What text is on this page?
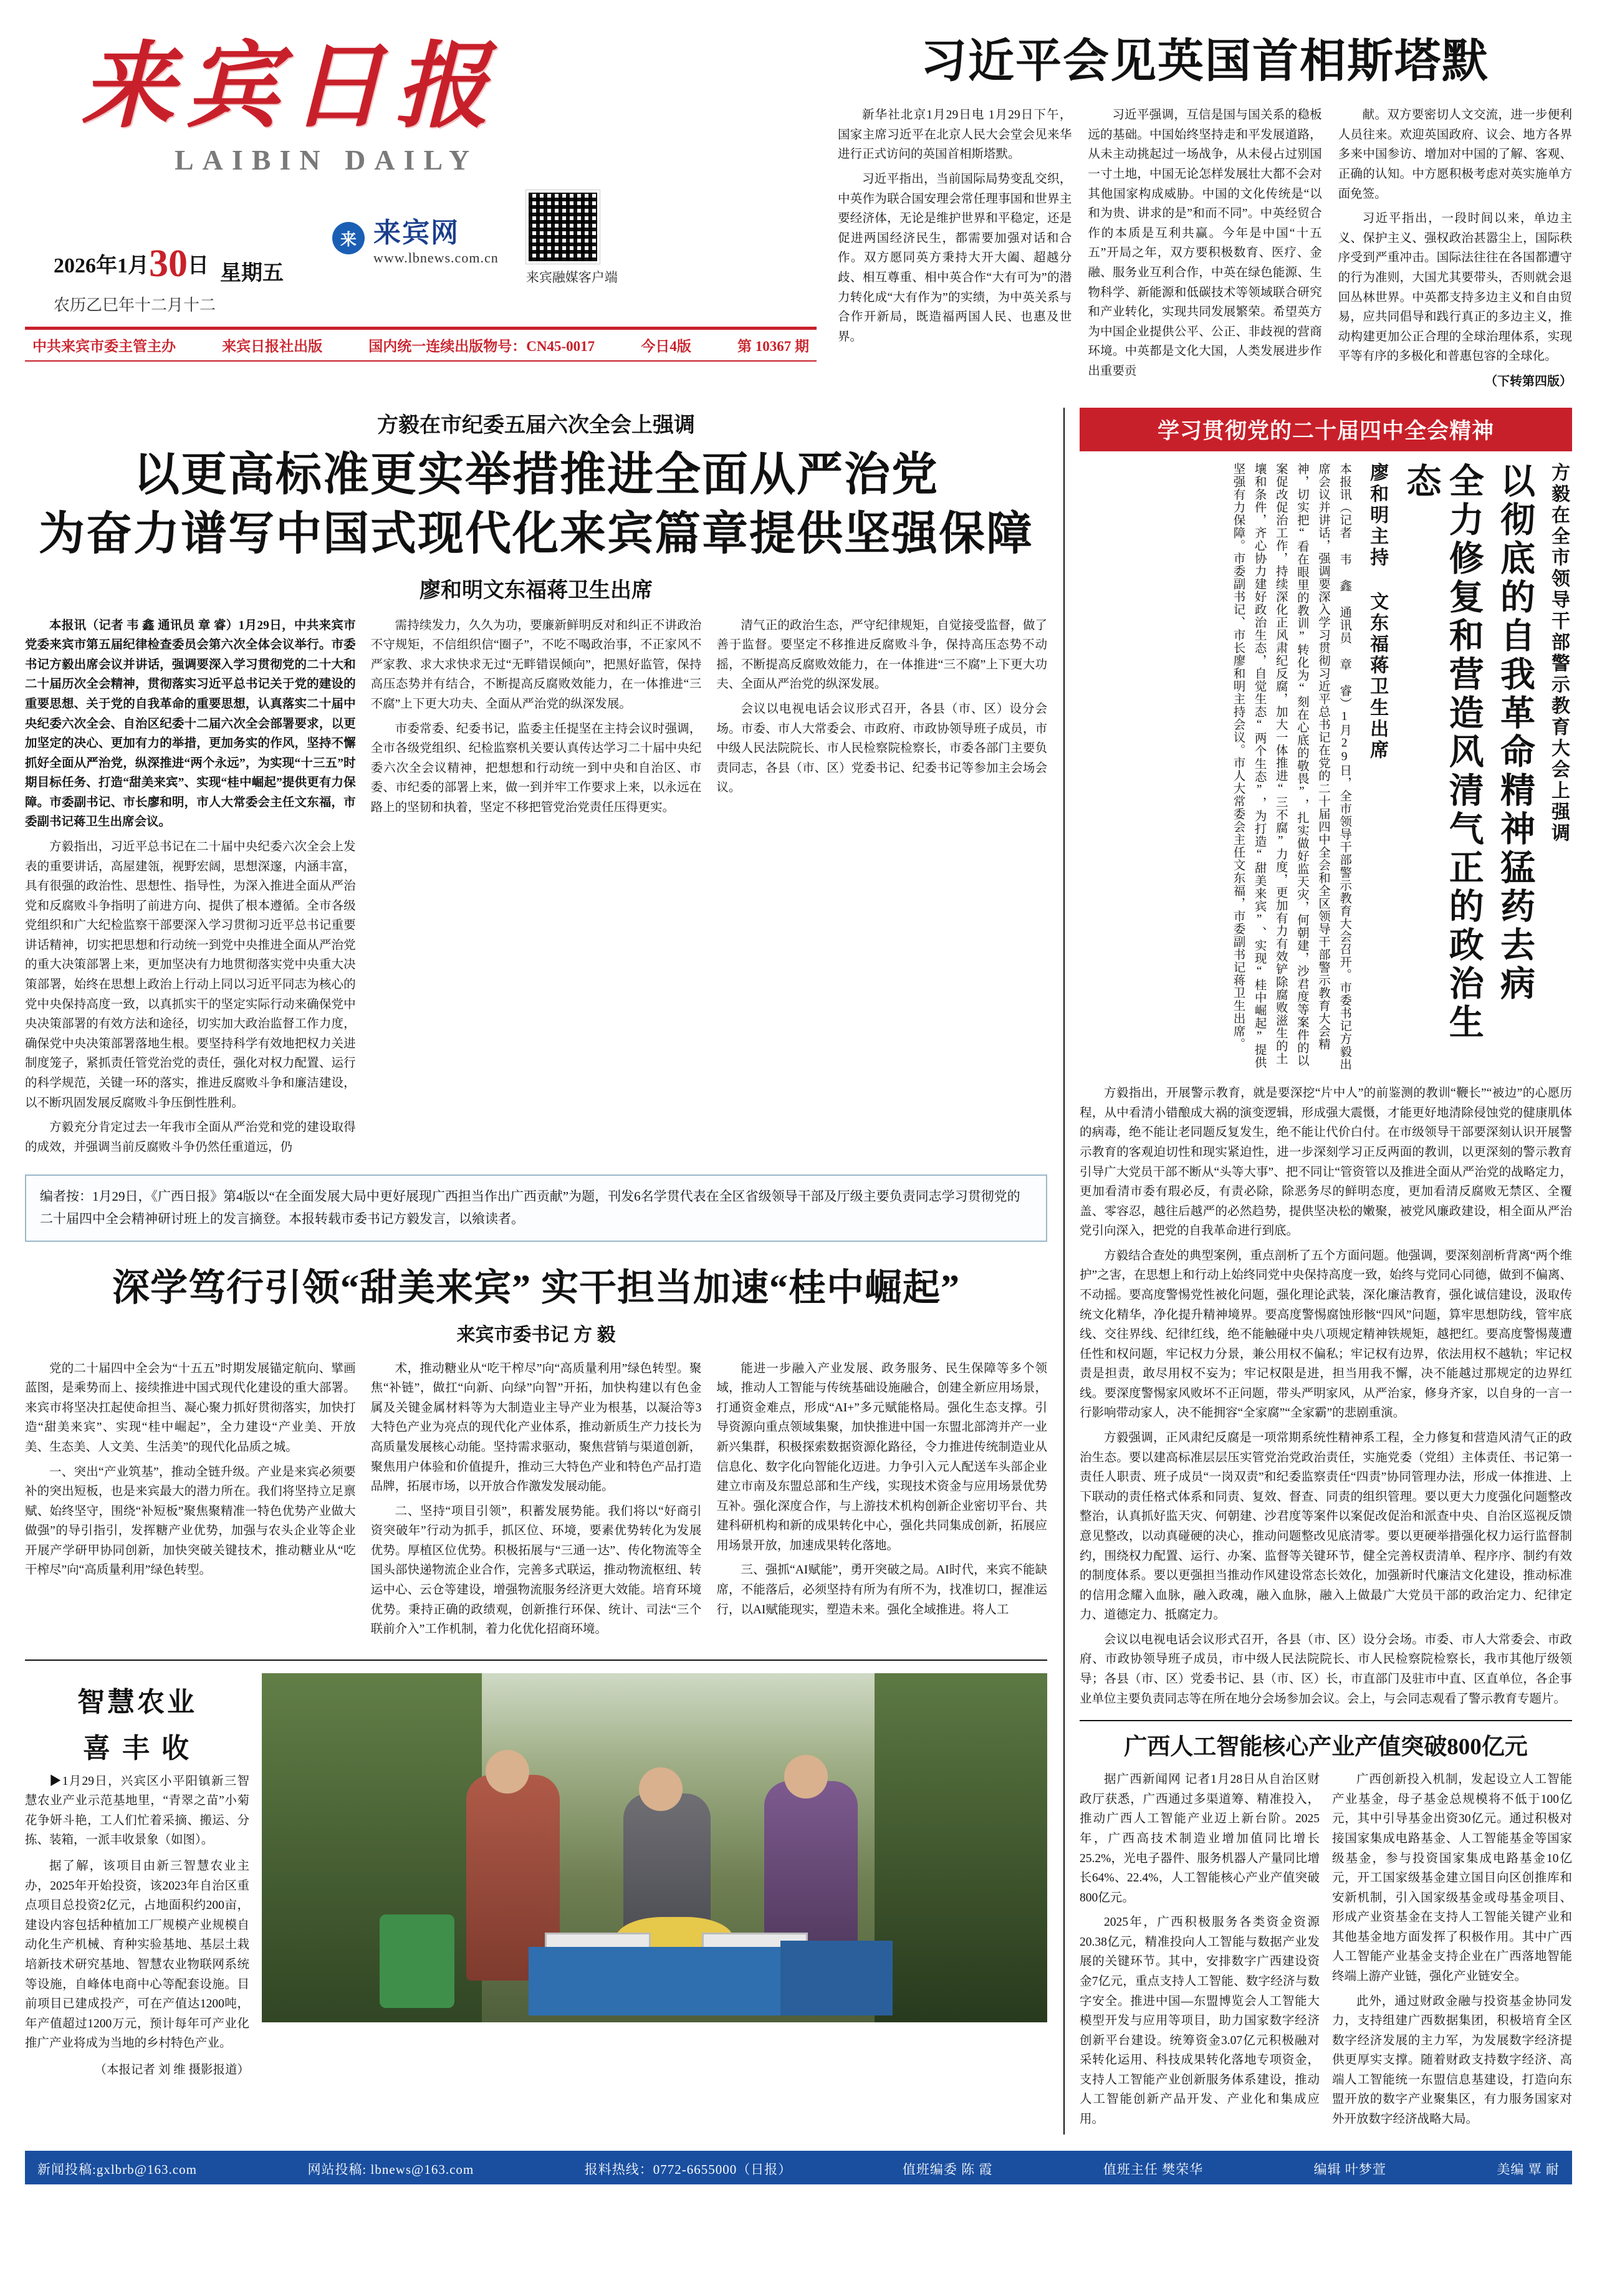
来宾日报
LAIBIN DAILY
2026年1月30日 星期五
来 来宾网
www.lbnews.com.cn
来宾融媒客户端
农历乙巳年十二月十二
中共来宾市委主管主办	来宾日报社出版	国内统一连续出版物号：CN45-0017	今日4版	第 10367 期
习近平会见英国首相斯塔默

新华社北京1月29日电 1月29日下午，国家主席习近平在北京人民大会堂会见来华进行正式访问的英国首相斯塔默。

习近平指出，当前国际局势变乱交织，中英作为联合国安理会常任理事国和世界主要经济体，无论是维护世界和平稳定，还是促进两国经济民生，都需要加强对话和合作。双方愿同英方秉持大开大阖、超越分歧、相互尊重、相中英合作“大有可为”的潜力转化成“大有作为”的实绩，为中英关系与合作开新局，既造福两国人民、也惠及世界。

习近平强调，互信是国与国关系的稳板远的基础。中国始终坚持走和平发展道路，从未主动挑起过一场战争，从未侵占过别国一寸土地，中国无论怎样发展壮大都不会对其他国家构成威胁。中国的文化传统是“以和为贵、讲求的是”和而不同”。中英经贸合作的本质是互利共赢。今年是中国“十五五”开局之年，双方要积极数育、医疗、金融、服务业互利合作，中英在绿色能源、生物科学、新能源和低碳技术等领域联合研究和产业转化，实现共同发展繁荣。希望英方为中国企业提供公平、公正、非歧视的营商环境。中英都是文化大国，人类发展进步作出重要贡

献。双方要密切人文交流，进一步便利人员往来。欢迎英国政府、议会、地方各界多来中国参访、增加对中国的了解、客观、正确的认知。中方愿积极考虑对英实施单方面免签。

习近平指出，一段时间以来，单边主义、保护主义、强权政治甚嚣尘上，国际秩序受到严重冲击。国际法往往在各国都遭守的行为准则，大国尤其要带头，否则就会退回丛林世界。中英都支持多边主义和自由贸易，应共同倡导和践行真正的多边主义，推动构建更加公正合理的全球治理体系，实现平等有序的多极化和普惠包容的全球化。

（下转第四版）
方毅在市纪委五届六次全会上强调
以更高标准更实举措推进全面从严治党
为奋力谱写中国式现代化来宾篇章提供坚强保障
廖和明文东福蒋卫生出席

本报讯（记者 韦 鑫 通讯员 章 睿）1月29日，中共来宾市党委来宾市第五届纪律检查委员会第六次全体会议举行。市委书记方毅出席会议并讲话，强调要深入学习贯彻党的二十大和二十届历次全会精神，贯彻落实习近平总书记关于党的建设的重要思想、关于党的自我革命的重要思想，认真落实二十届中央纪委六次全会、自治区纪委十二届六次全会部署要求，以更加坚定的决心、更加有力的举措，更加务实的作风，坚持不懈抓好全面从严治党，纵深推进“两个永远”，为实现“十三五”时期目标任务、打造“甜美来宾”、实现“桂中崛起”提供更有力保障。市委副书记、市长廖和明，市人大常委会主任文东福，市委副书记蒋卫生出席会议。

方毅指出，习近平总书记在二十届中央纪委六次全会上发表的重要讲话，高屋建瓴，视野宏阔，思想深邃，内涵丰富，具有很强的政治性、思想性、指导性，为深入推进全面从严治党和反腐败斗争指明了前进方向、提供了根本遵循。全市各级党组织和广大纪检监察干部要深入学习贯彻习近平总书记重要讲话精神，切实把思想和行动统一到党中央推进全面从严治党的重大决策部署上来，更加坚决有力地贯彻落实党中央重大决策部署，始终在思想上政治上行动上同以习近平同志为核心的党中央保持高度一致，以真抓实干的坚定实际行动来确保党中央决策部署的有效方法和途径，切实加大政治监督工作力度，确保党中央决策部署落地生根。要坚持科学有效地把权力关进制度笼子，紧抓责任管党治党的责任，强化对权力配置、运行的科学规范，关键一环的落实，推进反腐败斗争和廉洁建设，以不断巩固发展反腐败斗争压倒性胜利。

方毅充分肯定过去一年我市全面从严治党和党的建设取得的成效，并强调当前反腐败斗争仍然任重道远，仍

需持续发力，久久为功，要廉新鲜明反对和纠正不讲政治不守规矩，不信组织信“圈子”，不吃不喝政治事，不正家风不严家教、求大求快求无过“无畔错误倾向”，把黑好监管，保持高压态势并有结合，不断提高反腐败效能力，在一体推进“三不腐”上下更大功夫、全面从严治党的纵深发展。

市委常委、纪委书记，监委主任提坚在主持会议时强调，全市各级党组织、纪检监察机关要认真传达学习二十届中央纪委六次全会议精神，把想想和行动统一到中央和自治区、市委、市纪委的部署上来，做一到并牢工作要求上来，以永远在路上的坚韧和执着，坚定不移把管党治党责任压得更实。

清气正的政治生态，严守纪律规矩，自觉接受监督，做了善于监督。要坚定不移推进反腐败斗争，保持高压态势不动摇，不断提高反腐败效能力，在一体推进“三不腐”上下更大功夫、全面从严治党的纵深发展。

会议以电视电话会议形式召开，各县（市、区）设分会场。市委、市人大常委会、市政府、市政协领导班子成员，市中级人民法院院长、市人民检察院检察长，市委各部门主要负责同志，各县（市、区）党委书记、纪委书记等参加主会场会议。

编者按：1月29日，《广西日报》第4版以“在全面发展大局中更好展现广西担当作出广西贡献”为题，刊发6名学贯代表在全区省级领导干部及厅级主要负责同志学习贯彻党的二十届四中全会精神研讨班上的发言摘登。本报转载市委书记方毅发言，以飨读者。
深学笃行引领“甜美来宾” 实干担当加速“桂中崛起”
来宾市委书记 方 毅

党的二十届四中全会为“十五五”时期发展锚定航向、擘画蓝图，是乘势而上、接续推进中国式现代化建设的重大部署。来宾市将坚决扛起使命担当、凝心聚力抓好贯彻落实，加快打造“甜美来宾”、实现“桂中崛起”，全力建设“产业美、开放美、生态美、人文美、生活美”的现代化品质之城。

一、突出“产业筑基”，推动全链升级。产业是来宾必须要补的突出短板，也是来宾最大的潜力所在。我们将坚持立足禀赋、始终坚守，围绕“补短板”聚焦聚精准一特色优势产业做大做强”的导引指引，发挥糖产业优势，加强与农头企业等企业开展产学研甲协同创新，加快突破关键技术，推动糖业从“吃干榨尽”向“高质量利用”绿色转型。

术，推动糖业从“吃干榨尽”向“高质量利用”绿色转型。聚焦“补链”，做扛“向新、向绿”向智”开拓，加快构建以有色金属及关键金属材料等为大制造业主导产业为根基，以凝洽等3大特色产业为亮点的现代化产业体系，推动新质生产力技长为高质量发展核心动能。坚持需求驱动，聚焦营销与渠道创新，聚焦用户体验和价值提升，推动三大特色产业和特色产品打造品牌，拓展市场，以开放合作激发发展动能。

二、坚持“项目引领”，积蓄发展势能。我们将以“好商引资突破年”行动为抓手，抓区位、环境，要素优势转化为发展优势。厚植区位优势。积极拓展与“三通一达”、传化物流等全国头部快递物流企业合作，完善多式联运，推动物流枢纽、转运中心、云仓等建设，增强物流服务经济更大效能。培育环境优势。秉持正确的政绩观，创新推行环保、统计、司法“三个联前介入”工作机制，着力化优化招商环境。

能进一步融入产业发展、政务服务、民生保障等多个领域，推动人工智能与传统基础设施融合，创建全新应用场景，打通资金难点，形成“AI+”多元赋能格局。强化生态支撑。引导资源向重点领域集聚，加快推进中国一东盟北部湾并产一业新兴集群，积极探索数据资源化路径，令力推进传统制造业从信息化、数字化向智能化迈进。力争引入元人配送车头部企业建立市南及东盟总部和生产线，实现技术资金与应用场景优势互补。强化深度合作，与上游技术机构创新企业密切平台、共建科研机构和新的成果转化中心，强化共同集成创新，拓展应用场景开放，加速成果转化落地。

三、强抓“AI赋能”，勇开突破之局。AI时代，来宾不能缺席，不能落后，必须坚持有所为有所不为，找准切口，握准运行，以AI赋能现实，塑造未来。强化全域推进。将人工

智慧农业
喜 丰 收

▶1月29日，兴宾区小平阳镇新三智慧农业产业示范基地里，“青翠之苗”小菊花争妍斗艳，工人们忙着采摘、搬运、分拣、装箱，一派丰收景象（如图）。

据了解，该项目由新三智慧农业主办，2025年开始投资，该2023年自治区重点项目总投资2亿元，占地面积约200亩，建设内容包括种植加工厂规模产业规模自动化生产机械、育种实验基地、基层土栽培新技术研究基地、智慧农业物联网系统等设施，自峰体电商中心等配套设施。目前项目已建成投产，可在产值达1200吨，年产值超过1200万元，预计每年可产业化推广产业将成为当地的乡村特色产业。

（本报记者 刘 维 摄影报道）
学习贯彻党的二十届四中全会精神
方毅在全市领导干部警示教育大会上强调
以彻底的自我革命精神猛药去病
全力修复和营造风清气正的政治生态
廖和明主持 文东福蒋卫生出席
本报讯（记者 韦 鑫 通讯员 章 睿）1月29日，全市领导干部警示教育大会召开。市委书记方毅出席会议并讲话，强调要深入学习贯彻习近平总书记在党的二十届四中全会和全区领导干部警示教育大会精神，切实把“看在眼里的教训”转化为“刻在心底的敬畏”，扎实做好监天灾，何朝建，沙君度等案件的以案促改促治工作，持续深化正风肃纪反腐，加大一体推进“三不腐”力度，更加有力有效铲除腐败滋生的土壤和条件，齐心协力建好政治生态，自觉生态“两个生态”，为打造“甜美来宾”、实现“桂中崛起”提供坚强有力保障。市委副书记、市长廖和明主持会议。市人大常委会主任文东福，市委副书记蒋卫生出席。

方毅指出，开展警示教育，就是要深挖“片中人”的前鉴测的教训“鞭长”“被边”的心愿历程，从中看清小错酿成大祸的演变逻辑，形成强大震慑，才能更好地清除侵蚀党的健康肌体的病毒，绝不能让老同题反复发生，绝不能让代价白付。在市级领导干部要深刻认识开展警示教育的客观迫切性和现实紧迫性，进一步深刻学习正反两面的教训，以更深刻的警示教育引导广大党员干部不断从“头等大事”、把不同让“管资管以及推进全面从严治党的战略定力，更加看清市委有瑕必反，有责必除，除恶务尽的鲜明态度，更加看清反腐败无禁区、全覆盖、零容忍，越往后越严的必然趋势，提供坚决松的嫩聚，被党风廉政建设，相全面从严治党引向深入，把党的自我革命进行到底。

方毅结合查处的典型案例，重点剖析了五个方面问题。他强调，要深刻剖析背离“两个维护”之害，在思想上和行动上始终同党中央保持高度一致，始终与党同心同德，做到不偏离、不动摇。要高度警惕党性被化问题，强化理论武装，深化廉洁教育，强化诚信建设，汲取传统文化精华，净化提升精神境界。要高度警惕腐蚀形骸“四风”问题，算牢思想防线，管牢底线、交往界线、纪律红线，绝不能触碰中央八项规定精神铁规矩，越把红。要高度警惕蔑遭任性和权问题，牢记权力分景，兼公用权不偏私；牢记权有边界，依法用权不越轨；牢记权责是担责，敢尽用权不妄为；牢记权限是进，担当用我不懈，决不能越过那规定的边界红线。要深度警惕家风败坏不正问题，带头严明家风，从严治家，修身齐家，以自身的一言一行影响带动家人，决不能拥容“全家腐”“全家霸”的悲剧重演。

方毅强调，正风肃纪反腐是一项常期系统性精神系工程，全力修复和营造风清气正的政治生态。要以建高标准层层压实管党治党政治责任，实施党委（党组）主体责任、书记第一责任人职责、班子成员“一岗双责”和纪委监察责任“四责”协同管理办法，形成一体推进、上下联动的责任格式体系和同责、复效、督查、同责的组织管理。要以更大力度强化问题整改整治，认真抓好监天灾、何朝建、沙君度等案件以案促改促治和派查中央、自治区巡视反馈意见整改，以动真碰硬的决心，推动问题整改见底清零。要以更硬举措强化权力运行监督制约，围绕权力配置、运行、办案、监督等关键环节，健全完善权责清单、程序序、制约有效的制度体系。要以更强担当推动作风建设常态长效化，加强新时代廉洁文化建设，推动标准的信用念耀入血脉，融入政魂，融入血脉，融入上做最广大党员干部的政治定力、纪律定力、道德定力、抵腐定力。

会议以电视电话会议形式召开，各县（市、区）设分会场。市委、市人大常委会、市政府、市政协领导班子成员，市中级人民法院院长、市人民检察院检察长，我市其他厅级领导；各县（市、区）党委书记、县（市、区）长，市直部门及驻市中直、区直单位，各企事业单位主要负责同志等在所在地分会场参加会议。会上，与会同志观看了警示教育专题片。

广西人工智能核心产业产值突破800亿元

据广西新闻网 记者1月28日从自治区财政厅获悉，广西通过多渠道筹、精准投入，推动广西人工智能产业迈上新台阶。2025年，广西高技术制造业增加值同比增长25.2%，光电子器件、服务机器人产量同比增长64%、22.4%，人工智能核心产业产值突破800亿元。

2025年，广西积极服务各类资金资源20.38亿元，精准投向人工智能与数据产业发展的关键环节。其中，安排数字广西建设资金7亿元，重点支持人工智能、数字经济与数字安全。推进中国—东盟博览会人工智能大模型开发与应用等项目，助力国家数字经济创新平台建设。统筹资金3.07亿元积极融对采转化运用、科技成果转化落地专项资金，支持人工智能产业创新服务体系建设，推动人工智能创新产品开发、产业化和集成应用。

广西创新投入机制，发起设立人工智能产业基金，母子基金总规模将不低于100亿元，其中引导基金出资30亿元。通过积极对接国家集成电路基金、人工智能基金等国家级基金，参与投资国家集成电路基金10亿元，开工国家级基金建立国目向区创推库和安新机制，引入国家级基金或母基金项目、形成产业资基金在支持人工智能关键产业和其他基金地方面发挥了积极作用。其中广西人工智能产业基金支持企业在广西落地智能终端上游产业链，强化产业链安全。

此外，通过财政金融与投资基金协同发力，支持组建广西数据集团，积极培育全区数字经济发展的主力军，为发展数字经济提供更厚实支撑。随着财政支持数字经济、高端人工智能统一东盟信息基建设，打造向东盟开放的数字产业聚集区，有力服务国家对外开放数字经济战略大局。

新闻投稿:gxlbrb@163.com	网站投稿: lbnews@163.com	报料热线：0772-6655000（日报）	值班编委 陈 霞	值班主任 樊荣华	编辑 叶梦萱	美编 覃 耐
